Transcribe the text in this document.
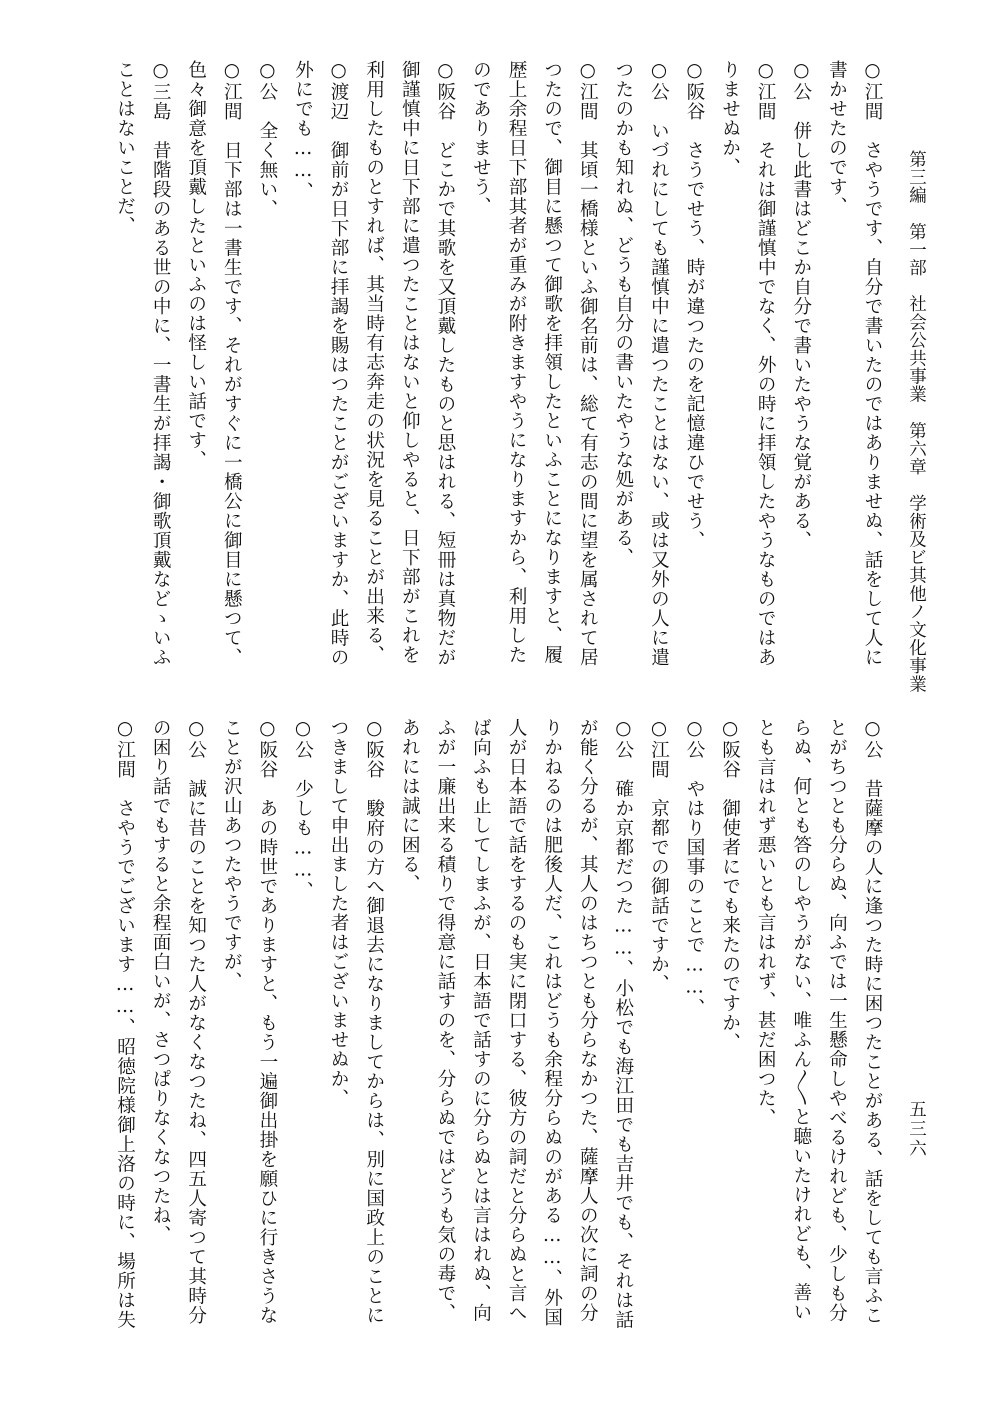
第三編　第一部　社会公共事業　第六章　学術及ビ其他ノ文化事業
五三六
○江間　さやうです、自分で書いたのではありませぬ、話をして人に
書かせたのです、
○公　併し此書はどこか自分で書いたやうな覚がある、
○江間　それは御謹慎中でなく、外の時に拝領したやうなものではあ
りませぬか、
○阪谷　さうでせう、時が違つたのを記憶違ひでせう、
○公　いづれにしても謹慎中に遣つたことはない、或は又外の人に遣
つたのかも知れぬ、どうも自分の書いたやうな処がある、
○江間　其頃一橋様といふ御名前は、総て有志の間に望を属されて居
つたので、御目に懸つて御歌を拝領したといふことになりますと、履
歴上余程日下部其者が重みが附きますやうになりますから、利用した
のでありませう、
○阪谷　どこかで其歌を又頂戴したものと思はれる、短冊は真物だが
御謹慎中に日下部に遣つたことはないと仰しやると、日下部がこれを
利用したものとすれば、其当時有志奔走の状況を見ることが出来る、
○渡辺　御前が日下部に拝謁を賜はつたことがございますか、此時の
外にでも……、
○公　全く無い、
○江間　日下部は一書生です、それがすぐに一橋公に御目に懸つて、
色々御意を頂戴したといふのは怪しい話です、
○三島　昔階段のある世の中に、一書生が拝謁・御歌頂戴などゝいふ
ことはないことだ、
○公　昔薩摩の人に逢つた時に困つたことがある、話をしても言ふこ
とがちつとも分らぬ、向ふでは一生懸命しやべるけれども、少しも分
らぬ、何とも答のしやうがない、唯ふん〳〵と聴いたけれども、善い
とも言はれず悪いとも言はれず、甚だ困つた、
○阪谷　御使者にでも来たのですか、
○公　やはり国事のことで……、
○江間　京都での御話ですか、
○公　確か京都だつた……、小松でも海江田でも吉井でも、それは話
が能く分るが、其人のはちつとも分らなかつた、薩摩人の次に詞の分
りかねるのは肥後人だ、これはどうも余程分らぬのがある……、外国
人が日本語で話をするのも実に閉口する、彼方の詞だと分らぬと言へ
ば向ふも止してしまふが、日本語で話すのに分らぬとは言はれぬ、向
ふが一廉出来る積りで得意に話すのを、分らぬではどうも気の毒で、
あれには誠に困る、
○阪谷　駿府の方へ御退去になりましてからは、別に国政上のことに
つきまして申出ました者はございませぬか、
○公　少しも……、
○阪谷　あの時世でありますと、もう一遍御出掛を願ひに行きさうな
ことが沢山あつたやうですが、
○公　誠に昔のことを知つた人がなくなつたね、四五人寄つて其時分
の困り話でもすると余程面白いが、さつぱりなくなつたね、
○江間　さやうでございます……、昭徳院様御上洛の時に、場所は失
